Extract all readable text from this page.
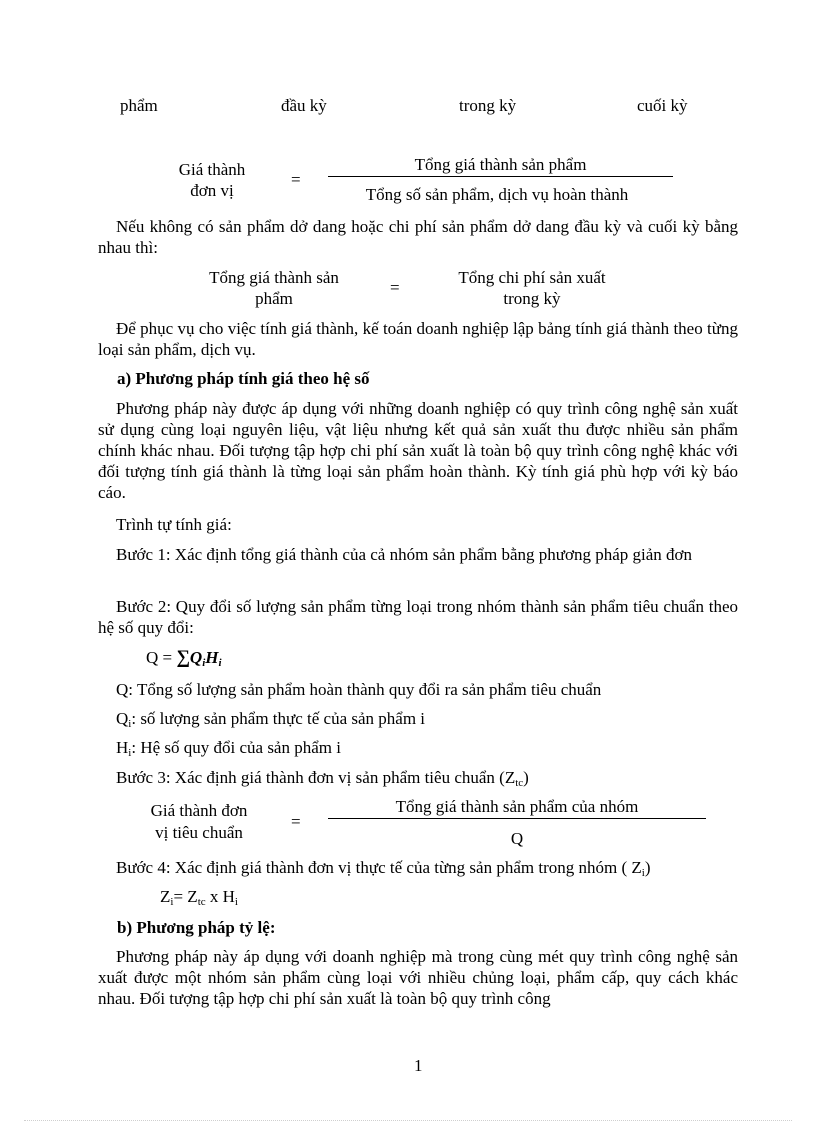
phẩm	đầu kỳ	trong kỳ	cuối kỳ
Giá thành
đơn vị
=
Tổng giá thành sản phẩm
Tổng số sản phẩm, dịch vụ hoàn thành

Nếu không có sản phẩm dở dang hoặc chi phí sản phẩm dở dang đầu kỳ và cuối kỳ bằng nhau thì:

Tổng giá thành sản
phẩm
=
Tổng chi phí sản xuất
trong kỳ

Để phục vụ cho việc tính giá thành, kế toán doanh nghiệp lập bảng tính giá thành theo từng loại sản phẩm, dịch vụ.

a) Phương pháp tính giá theo hệ số

Phương pháp này được áp dụng với những doanh nghiệp có quy trình công nghệ sản xuất sử dụng cùng loại nguyên liệu, vật liệu nhưng kết quả sản xuất thu được nhiều sản phẩm chính khác nhau. Đối tượng tập hợp chi phí sản xuất là toàn bộ quy trình công nghệ khác với đối tượng tính giá thành là từng loại sản phẩm hoàn thành. Kỳ tính giá phù hợp với kỳ báo cáo.

Trình tự tính giá:

Bước 1: Xác định tổng giá thành của cả nhóm sản phẩm bằng phương pháp giản đơn

Bước 2: Quy đổi số lượng sản phẩm từng loại trong nhóm thành sản phẩm tiêu chuẩn theo hệ số quy đổi:

$Q = \sum Q_iH_i$
Q: Tổng số lượng sản phẩm hoàn thành quy đổi ra sản phẩm tiêu chuẩn
$Q_i$: số lượng sản phẩm thực tế của sản phẩm i
$H_i$: Hệ số quy đổi của sản phẩm i
Bước 3: Xác định giá thành đơn vị sản phẩm tiêu chuẩn $(Z_{tc})$
Giá thành đơn
vị tiêu chuẩn
=
Tổng giá thành sản phẩm của nhóm
Q
Bước 4: Xác định giá thành đơn vị thực tế của từng sản phẩm trong nhóm ( $Z_i$)
$Z_i= Z_{tc}$ x $H_i$
b) Phương pháp tỷ lệ:

Phương pháp này áp dụng với doanh nghiệp mà trong cùng mét quy trình công nghệ sản xuất được một nhóm sản phẩm cùng loại với nhiều chủng loại, phẩm cấp, quy cách khác nhau. Đối tượng tập hợp chi phí sản xuất là toàn bộ quy trình công

1
